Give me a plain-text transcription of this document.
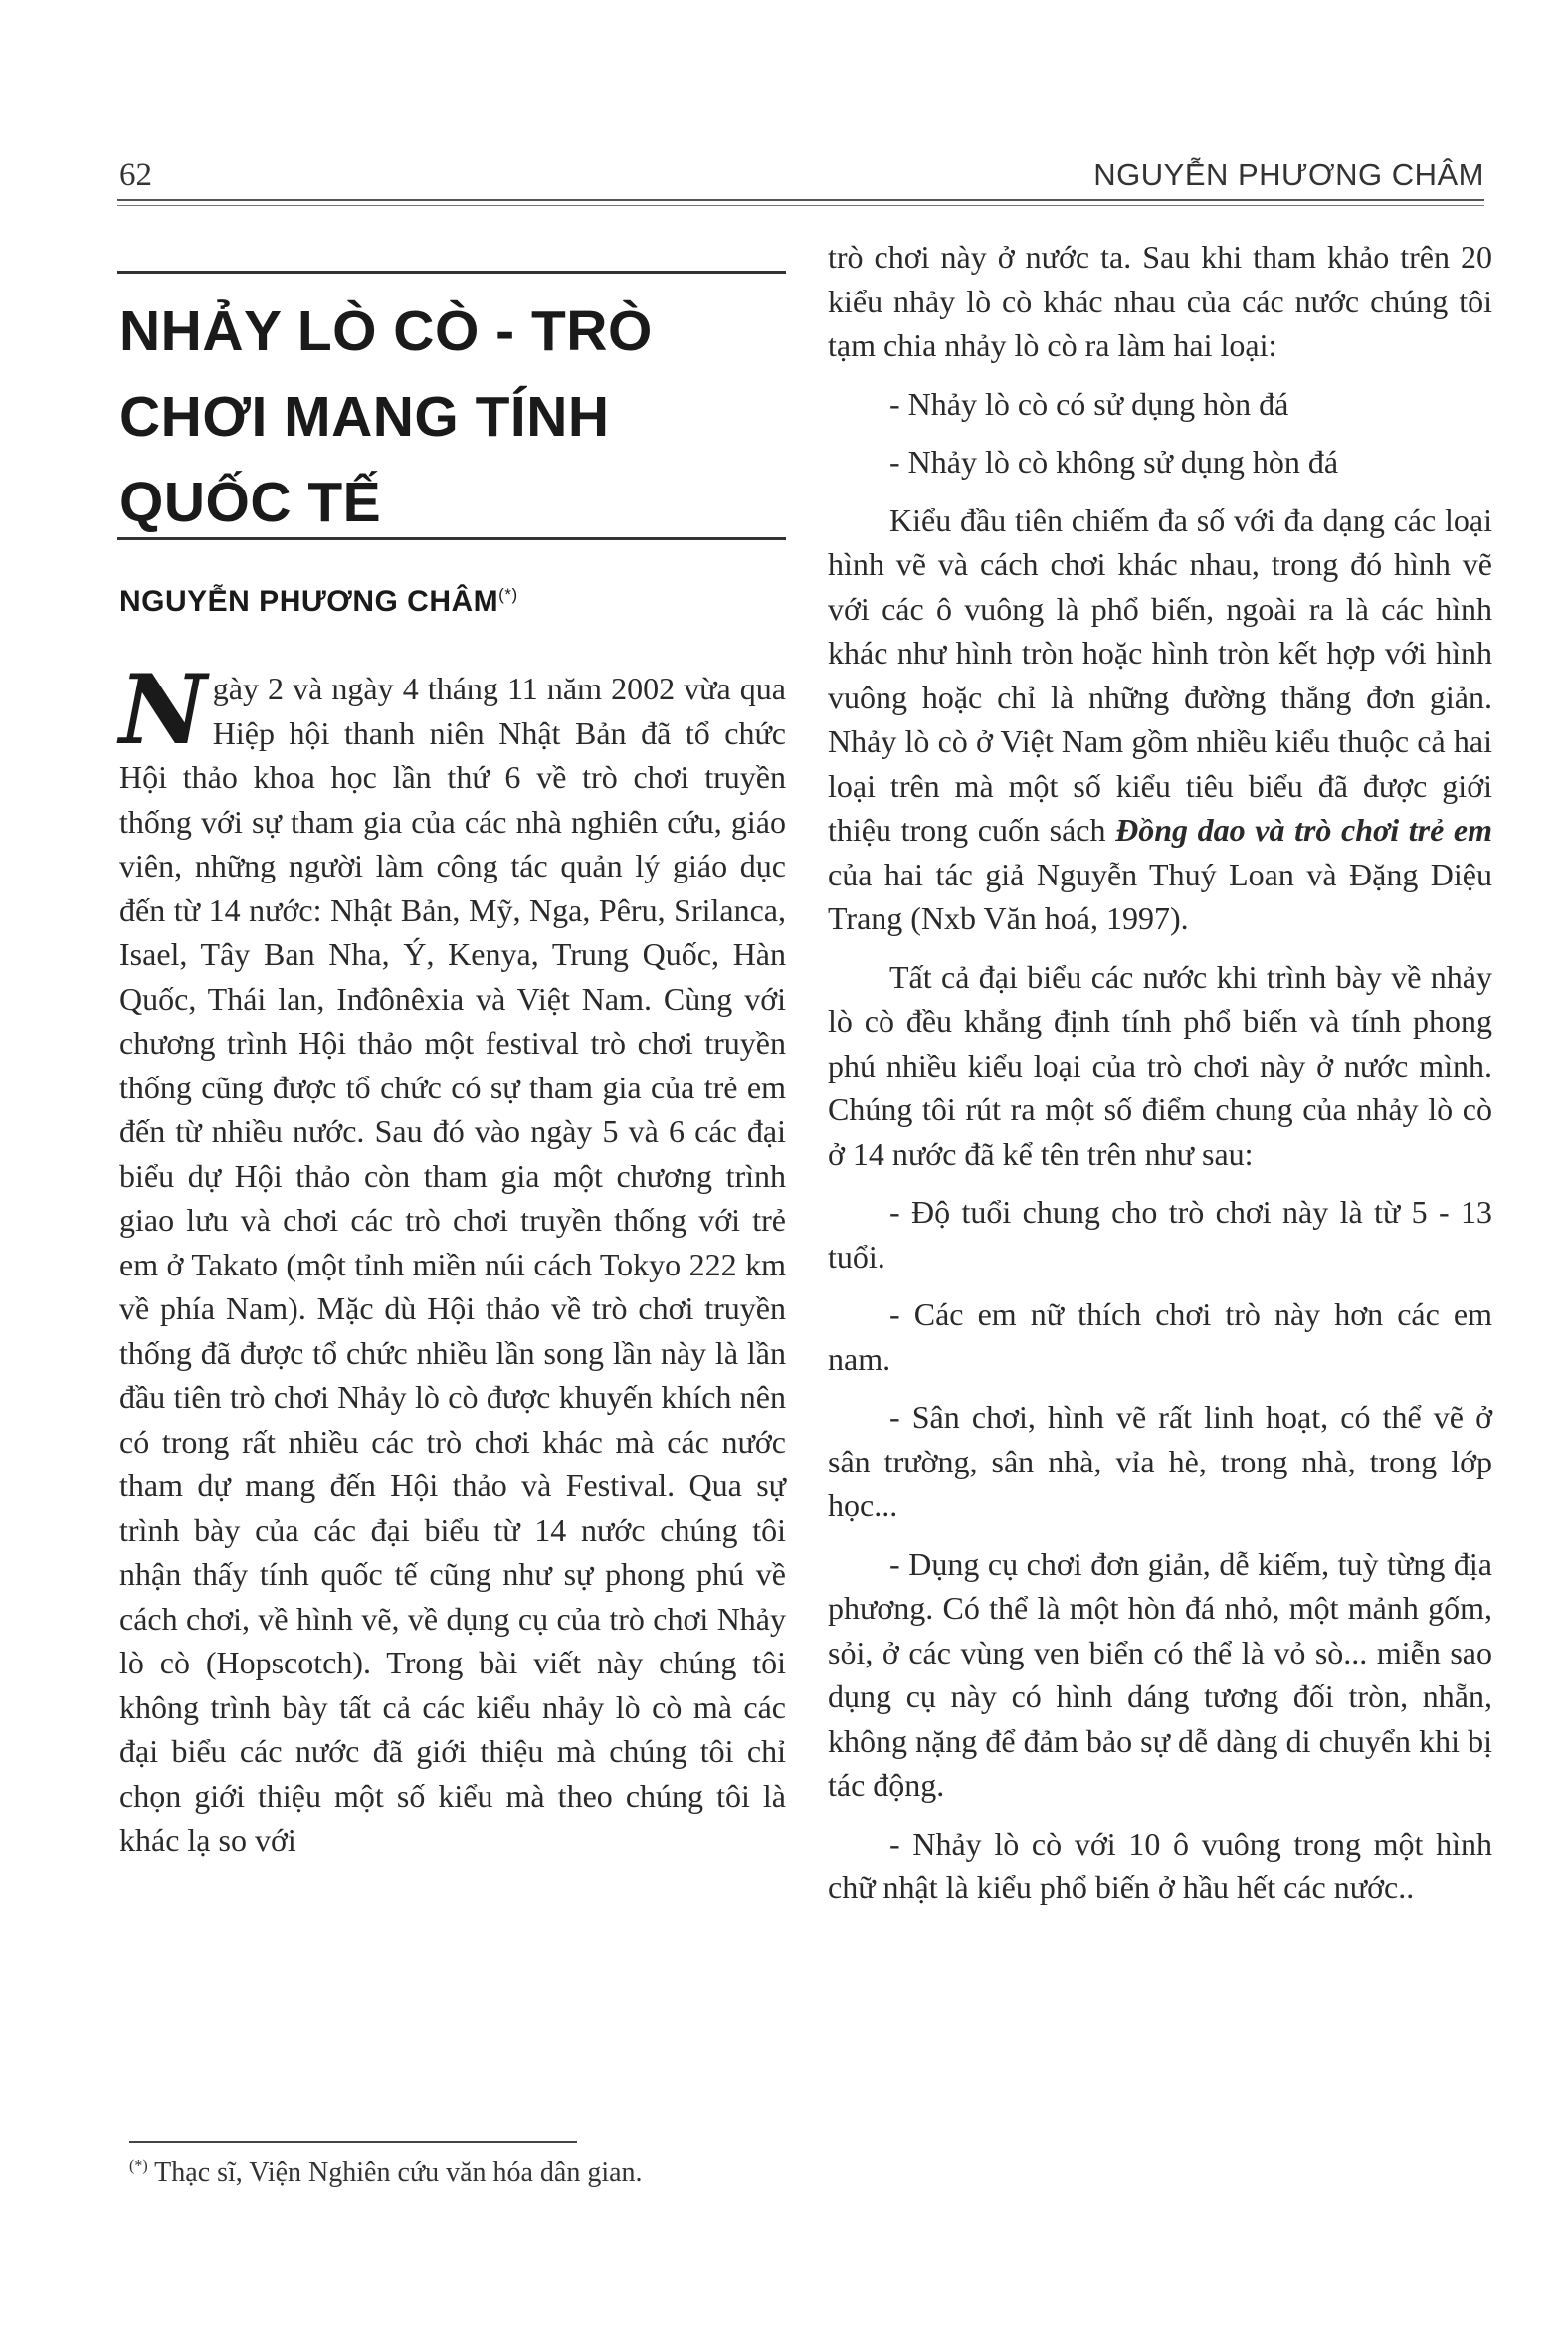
62	NGUYỄN PHƯƠNG CHÂM
NHẢY LÒ CÒ - TRÒ
CHƠI MANG TÍNH
QUỐC TẾ
NGUYỄN PHƯƠNG CHÂM(*)

Ngày 2 và ngày 4 tháng 11 năm 2002 vừa qua Hiệp hội thanh niên Nhật Bản đã tổ chức Hội thảo khoa học lần thứ 6 về trò chơi truyền thống với sự tham gia của các nhà nghiên cứu, giáo viên, những người làm công tác quản lý giáo dục đến từ 14 nước: Nhật Bản, Mỹ, Nga, Pêru, Srilanca, Isael, Tây Ban Nha, Ý, Kenya, Trung Quốc, Hàn Quốc, Thái lan, Inđônêxia và Việt Nam. Cùng với chương trình Hội thảo một festival trò chơi truyền thống cũng được tổ chức có sự tham gia của trẻ em đến từ nhiều nước. Sau đó vào ngày 5 và 6 các đại biểu dự Hội thảo còn tham gia một chương trình giao lưu và chơi các trò chơi truyền thống với trẻ em ở Takato (một tỉnh miền núi cách Tokyo 222 km về phía Nam). Mặc dù Hội thảo về trò chơi truyền thống đã được tổ chức nhiều lần song lần này là lần đầu tiên trò chơi Nhảy lò cò được khuyến khích nên có trong rất nhiều các trò chơi khác mà các nước tham dự mang đến Hội thảo và Festival. Qua sự trình bày của các đại biểu từ 14 nước chúng tôi nhận thấy tính quốc tế cũng như sự phong phú về cách chơi, về hình vẽ, về dụng cụ của trò chơi Nhảy lò cò (Hopscotch). Trong bài viết này chúng tôi không trình bày tất cả các kiểu nhảy lò cò mà các đại biểu các nước đã giới thiệu mà chúng tôi chỉ chọn giới thiệu một số kiểu mà theo chúng tôi là khác lạ so với

trò chơi này ở nước ta. Sau khi tham khảo trên 20 kiểu nhảy lò cò khác nhau của các nước chúng tôi tạm chia nhảy lò cò ra làm hai loại:

- Nhảy lò cò có sử dụng hòn đá

- Nhảy lò cò không sử dụng hòn đá

Kiểu đầu tiên chiếm đa số với đa dạng các loại hình vẽ và cách chơi khác nhau, trong đó hình vẽ với các ô vuông là phổ biến, ngoài ra là các hình khác như hình tròn hoặc hình tròn kết hợp với hình vuông hoặc chỉ là những đường thẳng đơn giản. Nhảy lò cò ở Việt Nam gồm nhiều kiểu thuộc cả hai loại trên mà một số kiểu tiêu biểu đã được giới thiệu trong cuốn sách Đồng dao và trò chơi trẻ em của hai tác giả Nguyễn Thuý Loan và Đặng Diệu Trang (Nxb Văn hoá, 1997).

Tất cả đại biểu các nước khi trình bày về nhảy lò cò đều khẳng định tính phổ biến và tính phong phú nhiều kiểu loại của trò chơi này ở nước mình. Chúng tôi rút ra một số điểm chung của nhảy lò cò ở 14 nước đã kể tên trên như sau:

- Độ tuổi chung cho trò chơi này là từ 5 - 13 tuổi.

- Các em nữ thích chơi trò này hơn các em nam.

- Sân chơi, hình vẽ rất linh hoạt, có thể vẽ ở sân trường, sân nhà, vỉa hè, trong nhà, trong lớp học...

- Dụng cụ chơi đơn giản, dễ kiếm, tuỳ từng địa phương. Có thể là một hòn đá nhỏ, một mảnh gốm, sỏi, ở các vùng ven biển có thể là vỏ sò... miễn sao dụng cụ này có hình dáng tương đối tròn, nhẵn, không nặng để đảm bảo sự dễ dàng di chuyển khi bị tác động.

- Nhảy lò cò với 10 ô vuông trong một hình chữ nhật là kiểu phổ biến ở hầu hết các nước..

(*) Thạc sĩ, Viện Nghiên cứu văn hóa dân gian.
